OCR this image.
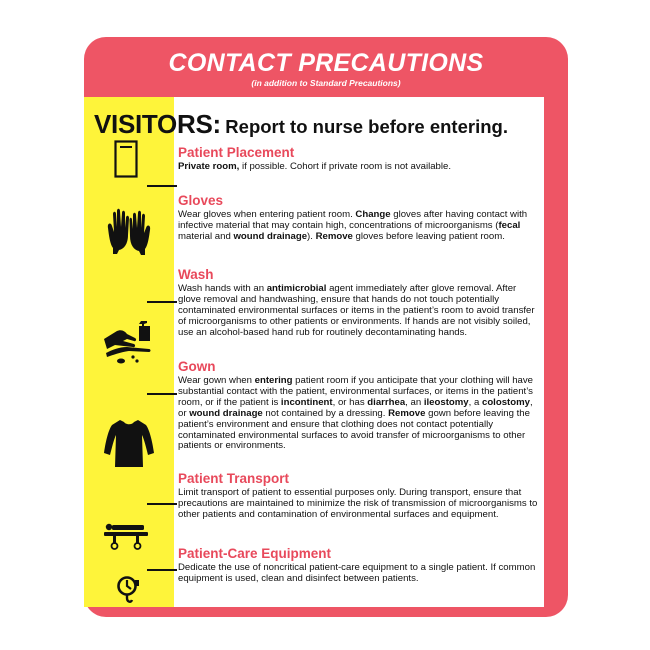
CONTACT PRECAUTIONS
(in addition to Standard Precautions)
VISITORS: Report to nurse before entering.
Patient Placement

Private room, if possible. Cohort if private room is not available.

Gloves

Wear gloves when entering patient room. Change gloves after having contact with infective material that may contain high, concentrations of microorganisms (fecal material and wound drainage). Remove gloves before leaving patient room.

Wash

Wash hands with an antimicrobial agent immediately after glove removal. After glove removal and handwashing, ensure that hands do not touch potentially contaminated environmental surfaces or items in the patient’s room to avoid transfer of microorganisms to other patients or environments. If hands are not visibly soiled, use an alcohol-based hand rub for routinely decontaminating hands.

Gown

Wear gown when entering patient room if you anticipate that your clothing will have substantial contact with the patient, environmental surfaces, or items in the patient’s room, or if the patient is incontinent, or has diarrhea, an ileostomy, a colostomy, or wound drainage not contained by a dressing. Remove gown before leaving the patient’s environment and ensure that clothing does not contact potentially contaminated environmental surfaces to avoid transfer of microorganisms to other patients or environments.

Patient Transport

Limit transport of patient to essential purposes only. During transport, ensure that precautions are maintained to minimize the risk of transmission of microorganisms to other patients and contamination of environmental surfaces and equipment.

Patient-Care Equipment

Dedicate the use of noncritical patient-care equipment to a single patient. If common equipment is used, clean and disinfect between patients.
